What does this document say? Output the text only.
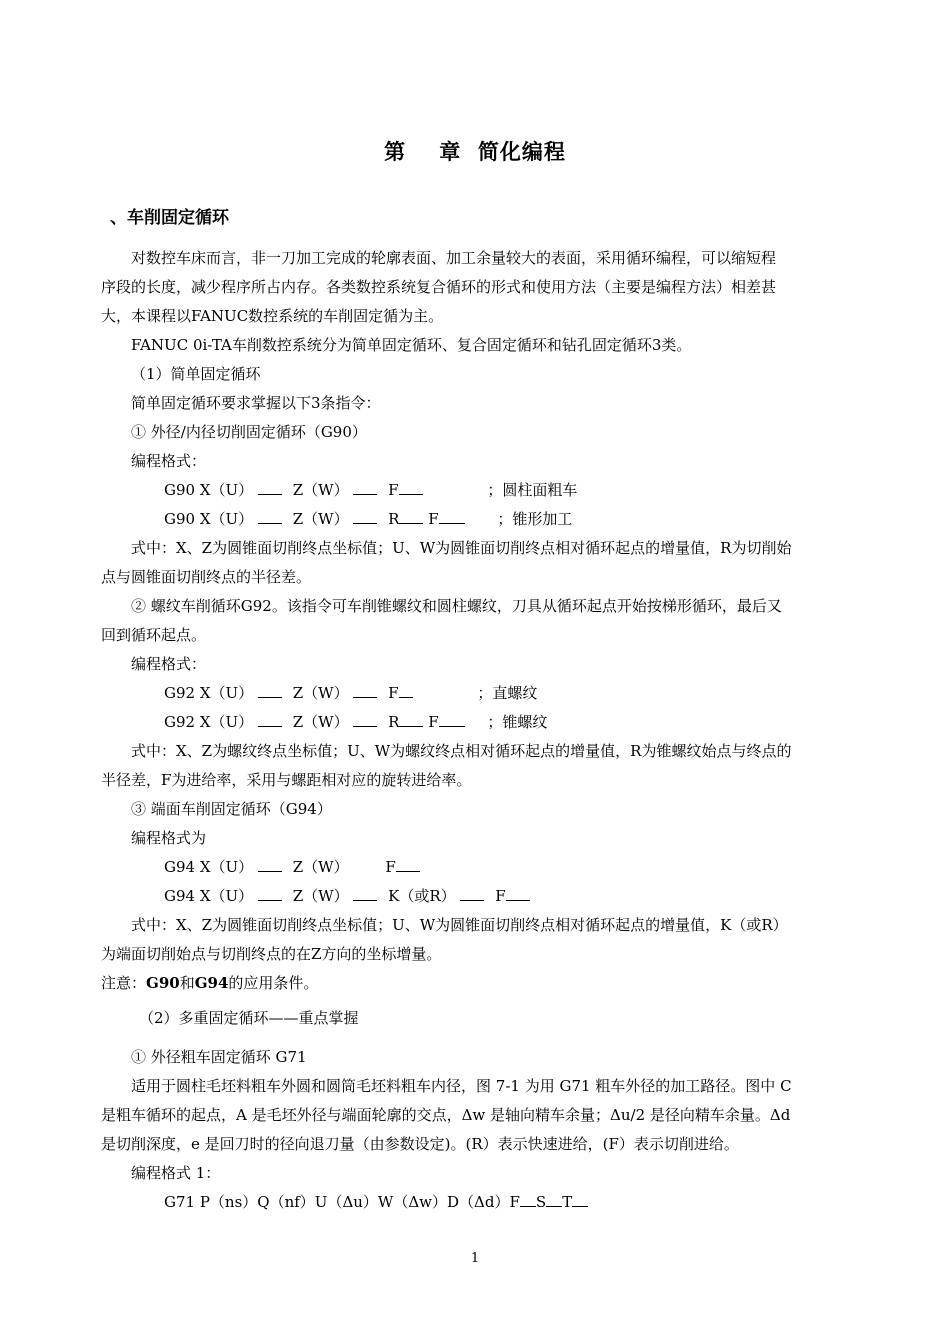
第    章  简化编程
、车削固定循环
对数控车床而言，非一刀加工完成的轮廓表面、加工余量较大的表面，采用循环编程，可以缩短程
序段的长度，减少程序所占内存。各类数控系统复合循环的形式和使用方法（主要是编程方法）相差甚
大，本课程以FANUC数控系统的车削固定循为主。
FANUC 0i-TA车削数控系统分为简单固定循环、复合固定循环和钻孔固定循环3类。
（1）简单固定循环
简单固定循环要求掌握以下3条指令：
① 外径/内径切削固定循环（G90）
编程格式：
G90 X（U）	Z（W）	F	；圆柱面粗车
G90 X（U）	Z（W）	R F	；锥形加工
式中：X、Z为圆锥面切削终点坐标值；U、W为圆锥面切削终点相对循环起点的增量值，R为切削始
点与圆锥面切削终点的半径差。
② 螺纹车削循环G92。该指令可车削锥螺纹和圆柱螺纹，刀具从循环起点开始按梯形循环，最后又
回到循环起点。
编程格式：
G92 X（U）	Z（W）	F	；直螺纹
G92 X（U）	Z（W）	R F	；锥螺纹
式中：X、Z为螺纹终点坐标值；U、W为螺纹终点相对循环起点的增量值，R为锥螺纹始点与终点的
半径差，F为进给率，采用与螺距相对应的旋转进给率。
③ 端面车削固定循环（G94）
编程格式为
G94 X（U）	Z（W） F
G94 X（U）	Z（W）	K（或R）	F
式中：X、Z为圆锥面切削终点坐标值；U、W为圆锥面切削终点相对循环起点的增量值，K（或R）
为端面切削始点与切削终点的在Z方向的坐标增量。
注意：G90和G94的应用条件。
（2）多重固定循环——重点掌握
① 外径粗车固定循环 G71
适用于圆柱毛坯料粗车外圆和圆筒毛坯料粗车内径，图 7-1 为用 G71 粗车外径的加工路径。图中 C
是粗车循环的起点，A 是毛坯外径与端面轮廓的交点，Δw 是轴向精车余量；Δu/2 是径向精车余量。Δd
是切削深度，e 是回刀时的径向退刀量（由参数设定)。(R）表示快速进给，(F）表示切削进给。
编程格式 1：
G71 P（ns）Q（nf）U（Δu）W（Δw）D（Δd）F S T
1
